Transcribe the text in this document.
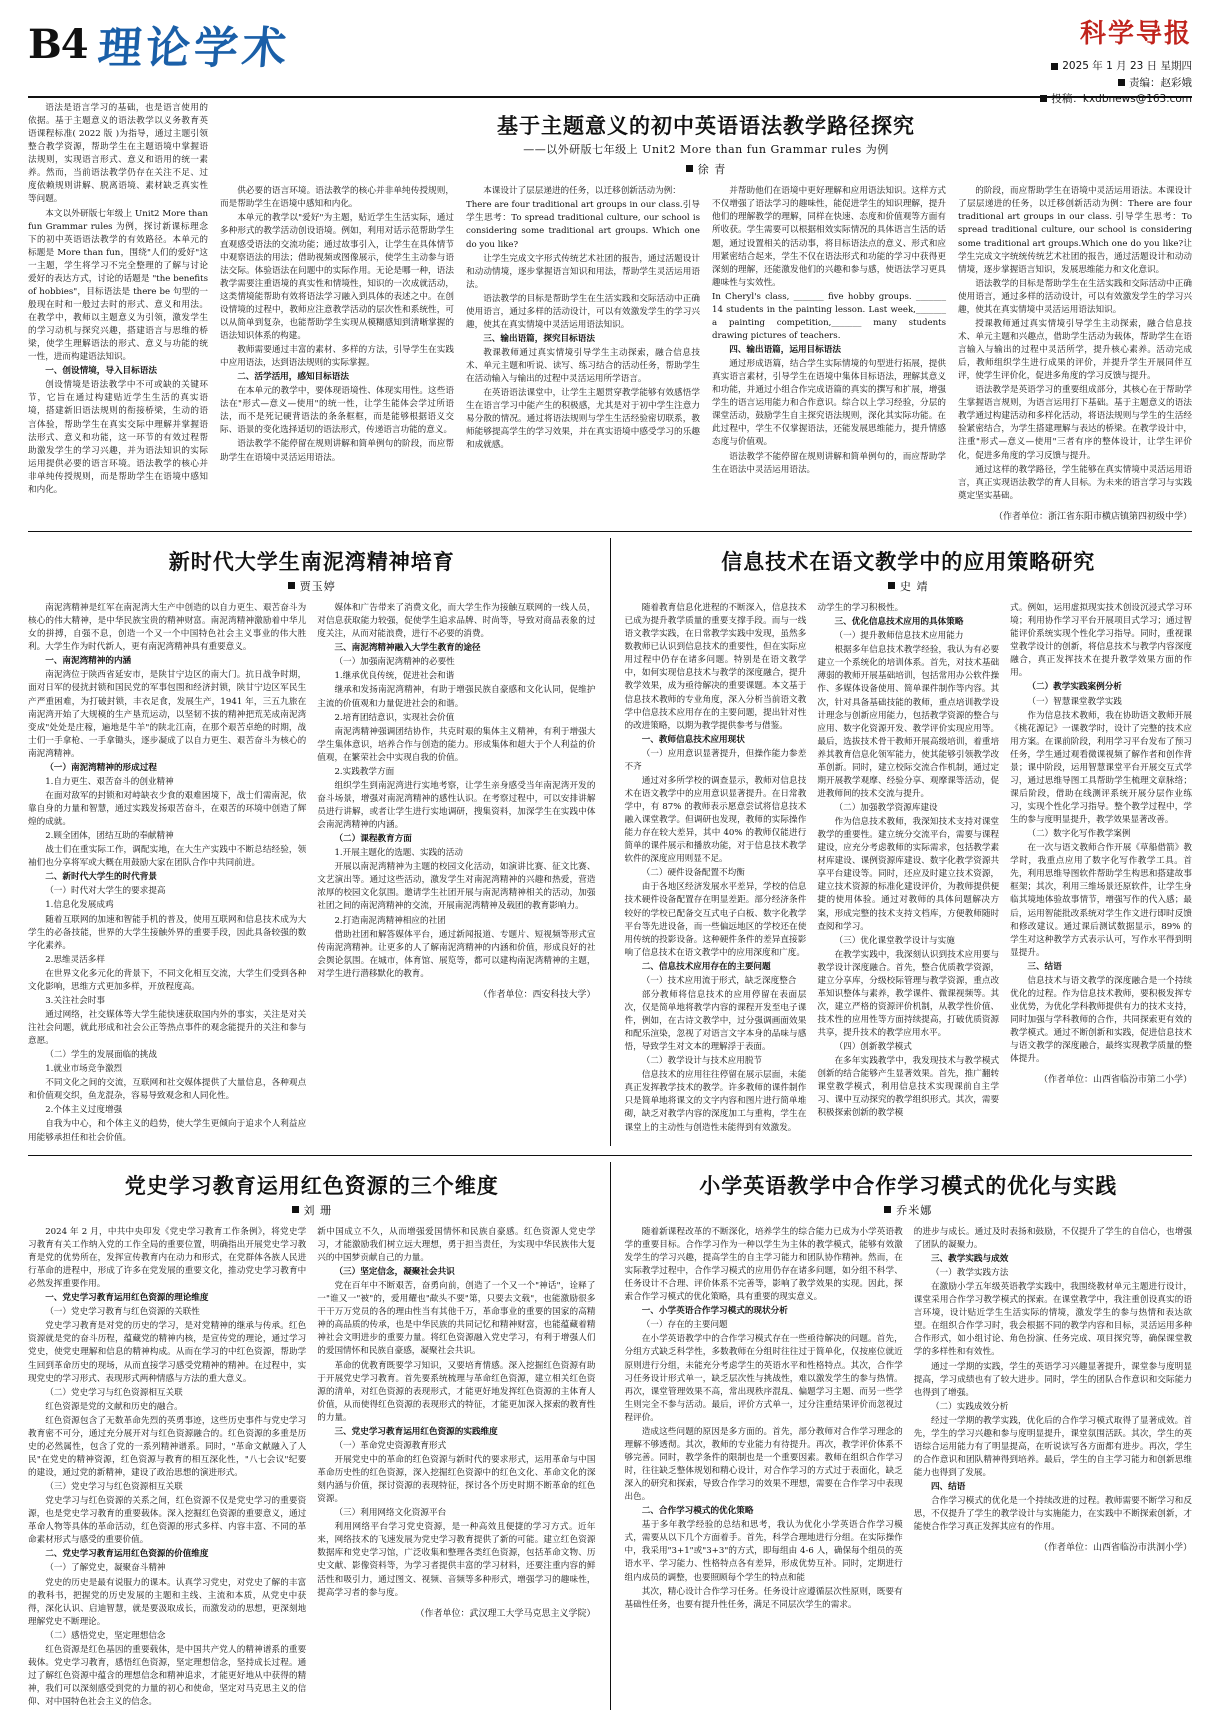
B4 理论学术	科学导报
2025 年 1 月 23 日 星期四
责编：赵彩娥
投稿：kxdbnews@163.com

语法是语言学习的基础，也是语言使用的依据。基于主题意义的语法教学以义务教育英语课程标准( 2022 版 )为指导，通过主题引领整合教学资源，帮助学生在主题语境中掌握语法规则，实现语言形式、意义和语用的统一素养。然而，当前语法教学仍存在关注不足、过度依赖规则讲解、脱离语境、素材缺乏真实性等问题。

本文以外研版七年级上 Unit2 More than fun Grammar rules 为例，探讨新课标理念下的初中英语语法教学的有效路径。本单元的标题是 More than fun，围绕"人们的爱好"这一主题，学生将学习不完全整理的了解与讨论爱好的表达方式，讨论的话题是 "the benefits of hobbies"，目标语法是 there be 句型的一般现在时和一般过去时的形式、意义和用法。在教学中，教师以主题意义为引领，激发学生的学习动机与探究兴趣，搭建语言与思维的桥梁，使学生理解语法的形式、意义与功能的统一性，进而构建语法知识。

一、创设情境，导入目标语法

创设情境是语法教学中不可或缺的关键环节，它旨在通过构建贴近学生生活的真实语境，搭建新旧语法规则的衔接桥梁，生动的语言体验，帮助学生在真实交际中理解并掌握语法形式、意义和功能，这一环节的有效过程帮助激发学生的学习兴趣，并为语法知识的实际运用提供必要的语言环境。语法教学的核心并非单纯传授规则，而是帮助学生在语境中感知和内化。

基于主题意义的初中英语语法教学路径探究
——以外研版七年级上 Unit2 More than fun Grammar rules 为例
徐 青

供必要的语言环境。语法教学的核心并非单纯传授规则，而是帮助学生在语境中感知和内化。

本单元的教学以"爱好"为主题，贴近学生生活实际，通过多种形式的教学活动创设语境。例如，利用对话示范帮助学生直观感受语法的交流功能；通过故事引入，让学生在具体情节中观察语法的用法；借助视频或图像展示，使学生主动参与语法交际。体验语法在问题中的实际作用。无论是哪一种，语法教学需要注重语境的真实性和情境性，知识的一次成就活动，这类情境能帮助有效将语法学习融入到具体的表述之中。在创设情境的过程中，教师应注意教学活动的层次性和系统性，可以从简单到复杂，也能帮助学生实现从模糊感知到清晰掌握的语法知识体系的构建。

教师需要通过丰富的素材、多样的方法，引导学生在实践中应用语法，达到语法规则的实际掌握。

二、活学活用，感知目标语法

在本单元的教学中，要体现语境性、体现实用性。这些语法在"形式—意义—使用"的统一性，让学生能体会学过所语法，而不是死记硬背语法的条条框框，而是能够根据语义交际、语景的变化选择适切的语法形式，传递语言功能的意义。

语法教学不能停留在规则讲解和简单例句的阶段，而应帮助学生在语境中灵活运用语法。

本课设计了层层递进的任务，以迁移创新活动为例：

There are four traditional art groups in our class.引导学生思考：To spread traditional culture, our school is considering some traditional art groups. Which one do you like?

让学生完成文字形式传统艺术社团的报告，通过活题设计和动动情境，逐步掌握语言知识和用法，帮助学生灵活运用语法。

语法教学的目标是帮助学生在生活实践和交际活动中正确使用语言，通过多样的活动设计，可以有效激发学生的学习兴趣，使其在真实情境中灵活运用语法知识。

三、输出语篇，探究目标语法

教课教师通过真实情境引导学生主动探索，融合信息技术、单元主题和听说、读写、练习结合的活动任务，帮助学生在活动输入与输出的过程中灵活运用所学语言。

在英语语法课堂中，让学生主题贯穿教学能够有效感悟学生在语言学习中能产生的积极感，尤其是对于初中学生注意力易分散的情况。通过将语法规则与学生生活经验密切联系，教师能够提高学生的学习效果，并在真实语境中感受学习的乐趣和成就感。

并帮助他们在语境中更好理解和应用语法知识。这样方式不仅增强了语法学习的趣味性，能促进学生的知识理解，提升他们的理解教学的理解，同样在快速、态度和价值观等方面有所收获。学生需要可以根据相效实际情况的具体语言生活的话题，通过设置相关的活动事，将目标语法点的意义、形式和应用紧密结合起来，学生不仅在语法形式和功能的学习中获得更深刻的理解，还能激发他们的兴趣和参与感，使语法学习更具趣味性与实效性。

In Cheryl's class, _______ five hobby groups. _______ 14 students in the painting lesson. Last week,_______ a painting competition,_______ many students drawing pictures of teachers.

四、输出语篇，运用目标语法

通过形成语篇，结合学生实际情境的句型进行拓展，提供真实语言素材，引导学生在语境中集体目标语法，理解其意义和功能，并通过小组合作完成语篇的真实的撰写和扩展，增强学生的语言运用能力和合作意识。综合以上学习经验，分层的课堂活动，鼓励学生自主探究语法规则，深化其实际功能。在此过程中，学生不仅掌握语法，还能发展思维能力，提升情感态度与价值观。

语法教学不能停留在规则讲解和简单例句的，而应帮助学生在语法中灵活运用语法。

的阶段，而应帮助学生在语境中灵活运用语法。本课设计了层层递进的任务，以迁移创新活动为例：There are four traditional art groups in our class. 引导学生思考：To spread traditional culture, our school is considering some traditional art groups.Which one do you like?让学生完成文字统统传统艺术社团的报告，通过活题设计和动动情境，逐步掌握语言知识，发展思维能力和文化意识。

语法教学的目标是帮助学生在生活实践和交际活动中正确使用语言，通过多样的活动设计，可以有效激发学生的学习兴趣，使其在真实情境中灵活运用语法知识。

授课教师通过真实情境引导学生主动探索，融合信息技术、单元主题和兴趣点，借助学生活动为载体，帮助学生在语言输入与输出的过程中灵活所学，提升核心素养。活动完成后，教师组织学生进行成果的评价，并提升学生开展同伴互评，使学生评价化，促进多角度的学习反馈与提升。

语法教学是英语学习的重要组成部分，其核心在于帮助学生掌握语言规则，为语言运用打下基础。基于主题意义的语法教学通过构建活动和多样化活动，将语法规则与学生的生活经验紧密结合，为学生搭建理解与表达的桥梁。在教学设计中，注重"形式—意义—使用"三者有序的整体设计，让学生评价化，促进多角度的学习反馈与提升。

通过这样的教学路径，学生能够在真实情境中灵活运用语言，真正实现语法教学的育人目标。为未来的语言学习与实践奠定坚实基础。

（作者单位：浙江省东阳市横店镇第四初级中学）

新时代大学生南泥湾精神培育
贾玉婷

南泥湾精神是红军在南泥湾大生产中创造的以自力更生、艰苦奋斗为核心的伟大精神，是中华民族宝贵的精神财富。南泥湾精神激励着中华儿女的拼搏，自强不息，创造一个又一个中国特色社会主义事业的伟大胜利。大学生作为时代新人，更有南泥湾精神具有重要意义。

一、南泥湾精神的内涵

南泥湾位于陕西省延安市，是陕甘宁边区的南大门。抗日战争时期，面对日军的侵扰封锁和国民党的军事包围和经济封锁，陕甘宁边区军民生产严重困难，为打破封锁，丰衣足食，发展生产，1941 年，三五九旅在南泥湾开始了大规模的生产垦荒运动，以坚韧不拔的精神把荒芜成南泥湾变成"处处是庄稼，遍地是牛羊"的陕北江南，在那个艰苦卓绝的时期，战士们一手拿枪、一手拿锄头，逐步凝成了以自力更生、艰苦奋斗为核心的南泥湾精神。

（一）南泥湾精神的形成过程

1.自力更生、艰苦奋斗的创业精神

在面对敌军的封锁和对峙缺衣少食的艰难困境下，战士们需南泥，依靠自身的力量和智慧，通过实践发扬艰苦奋斗，在艰苦的环境中创造了辉煌的成就。

2.顾全团体，团结互助的奉献精神

战士们在重实际工作，调配实地，在大生产实践中不断总结经验，领袖们也分享将军或大概在用鼓励大家在团队合作中共同前进。

二、新时代大学生的时代背景

（一）时代对大学生的要求提高

1.信息化发展成鸡

随着互联网的加速和智能手机的普及，使用互联网和信息技术成为大学生的必备技能，世界的大学生接触外界的重要手段，因此具备较强的数字化素养。

2.思维灵活多样

在世界文化多元化的背景下，不同文化相互交流，大学生们受到各种文化影响，思维方式更加多样，开放程度高。

3.关注社会时事

通过网络，社交媒体等大学生能快速获取国内外的事实，关注是对关注社会问题，就此形成和社会公正等热点事件的观念能提升的关注和参与意愿。

（二）学生的发展面临的挑战

1.就业市场竞争激烈

不同文化之间的交流，互联网和社交媒体提供了大量信息，各种观点和价值观交织，鱼龙混杂，容易导致观念和人同化性。

2.个体主义过度增强

自我为中心，和个体主义的趋势，使大学生更倾向于追求个人利益应用能够承担任和社会价值。

媒体和广告带来了消费文化，而大学生作为接触互联网的一线人员，对信息获取能力较强，促使学生追求品牌、时尚等，导致对商品表象的过度关注，从而对能浪费，进行不必要的消费。

三、南泥湾精神融入大学生教育的途径

（一）加强南泥湾精神的必要性

1.继承优良传统，促进社会和谐

继承和发扬南泥湾精神，有助于增强民族自豪感和文化认同，促维护主流的价值观和力量促进社会的和谐。

2.培育团结意识，实现社会价值

南泥湾精神强调团结协作，共克时艰的集体主义精神，有利于增强大学生集体意识，培养合作与创造的能力。形成集体和超大于个人利益的价值观，在繁荣社会中实现自我的价值。

2.实践教学方面

组织学生到南泥湾进行实地考察，让学生亲身感受当年南泥湾开发的奋斗场景，增强对南泥湾精神的感性认识。在考察过程中，可以安排讲解员进行讲解，或者让学生进行实地调研，搜集资料，加深学生在实践中体会南泥湾精神的内涵。

（二）课程教育方面

1.开展主题化的选题、实践的活动

开展以南泥湾精神为主题的校园文化活动，如演讲比赛、征文比赛、文艺演出等。通过这些活动，激发学生对南泥湾精神的兴趣和热爱，营造浓厚的校园文化氛围。邀请学生社团开展与南泥湾精神相关的活动，加强社团之间的南泥湾精神的交流，开展南泥湾精神及载团的教育影响力。

2.打造南泥湾精神相应的社团

借助社团和解答媒体平台，通过新闻报道、专题片、短视频等形式宣传南泥湾精神。让更多的人了解南泥湾精神的内涵和价值，形成良好的社会舆论氛围。在城市，体育馆、展览等，都可以建构南泥湾精神的主题，对学生进行潜移默化的教育。

（作者单位：西安科技大学）

信息技术在语文教学中的应用策略研究
史 靖

随着教育信息化进程的不断深入，信息技术已成为提升教学质量的重要支撑手段。而与一线语文教学实践，在日常教学实践中发现，虽然多数教师已认识到信息技术的重要性，但在实际应用过程中仍存在诸多问题。特别是在语文教学中，如何实现信息技术与教学的深度融合，提升教学效果，成为亟待解决的重要课题。本文基于信息技术教师的专业角度，深入分析当前语文教学中信息技术应用存在的主要问题，提出针对性的改进策略，以期为教学提供参考与借鉴。

一、教师信息技术应用现状

（一）应用意识显著提升，但操作能力参差不齐

通过对多所学校的调查显示，教师对信息技术在语文教学中的应用意识显著提升。在日常教学中，有 87% 的教师表示愿意尝试将信息技术融入课堂教学。但调研也发现，教师的实际操作能力存在较大差异，其中 40% 的教师仅能进行简单的课件展示和播放功能，对于信息技术教学软件的深度应用则显不足。

（二）硬件设备配置不均衡

由于各地区经济发展水平差异，学校的信息技术硬件设备配置存在明显差距。部分经济条件较好的学校已配备交互式电子白板、数字化教学平台等先进设备，而一些偏远地区的学校还在使用传统的投影设备。这种硬件条件的差异直接影响了信息技术在语文教学中的应用深度和广度。

二、信息技术应用存在的主要问题

（一）技术应用流于形式，缺乏深度整合

部分教师将信息技术的应用停留在表面层次，仅是简单地将教学内容的课程开发至电子课件，例如，在古诗文教学中，过分强调画面效果和配乐渲染，忽视了对语言文字本身的品味与感悟，导致学生对文本的理解浮于表面。

（二）教学设计与技术应用脱节

信息技术的应用往往停留在展示层面，未能真正发挥教学技术的教学。许多教师的课件制作只是简单地将课文的文字内容和图片进行简单堆砌，缺乏对教学内容的深度加工与重构，学生在课堂上的主动性与创造性未能得到有效激发。

动学生的学习积极性。

三、优化信息技术应用的具体策略

（一）提升教师信息技术应用能力

根据多年信息技术教学经验，我认为有必要建立一个系统化的培训体系。首先，对技术基础薄弱的教师开展基础培训，包括常用办公软件操作、多媒体设备使用、简单课件制作等内容。其次，针对具备基础技能的教师，重点培训教学设计理念与创新应用能力，包括教学资源的整合与应用、数字化资源开发、教学评价实现应用等。最后，选拔技术骨干教师开展高级培训，着重培养其教育信息化领军能力，使其能够引领教学改革创新。同时，建立校际交流合作机制，通过定期开展教学观摩、经验分享、观摩课等活动，促进教师间的技术交流与提升。

（二）加强教学资源库建设

作为信息技术教师，我深知技术支持对课堂教学的重要性。建立统分交流平台，需要与课程建设，应充分考虑教师的实际需求，包括教学素材库建设、课例资源库建设、数字化教学资源共享平台建设等。同时，还应及时建立技术资源，建立技术资源的标准化建设评价，为教师提供便捷的使用体验。通过对教师的具体问题解决方案，形成完整的技术支持文档库，方便教师随时查阅和学习。

（三）优化课堂教学设计与实施

在教学实践中，我深刻认识到技术应用要与教学设计深度融合。首先，整合优质教学资源，建立分享库，分级校际管理与教学资源，重点改革知识整体与素养，教学课件、微课视频等。其次，建立严格的资源评价机制，从教学性价值、技术性的应用性等方面持续提高，打破优质资源共享，提升技术的教学应用水平。

（四）创新教学模式

在多年实践教学中，我发现技术与教学模式创新的结合能够产生显著效果。首先，推广翻转课堂教学模式，利用信息技术实现课前自主学习、课中互动探究的教学组织形式。其次，需要积极探索创新的教学模

式。例如，运用虚拟现实技术创设沉浸式学习环境；利用协作学习平台开展项目式学习；通过智能评价系统实现个性化学习指导。同时，重视课堂教学设计的创新，将信息技术与教学内容深度融合，真正发挥技术在提升教学效果方面的作用。

（二）教学实践案例分析

（一）智慧课堂教学实践

作为信息技术教师，我在协助语文教师开展《桃花源记》一课教学时，设计了完整的技术应用方案。在课前阶段，利用学习平台发布了预习任务，学生通过观看微课视频了解作者和创作背景；课中阶段，运用智慧课堂平台开展交互式学习，通过思维导图工具帮助学生梳理文章脉络；课后阶段，借助在线测评系统开展分层作业练习，实现个性化学习指导。整个教学过程中，学生的参与度明显提升，教学效果显著改善。

（二）数字化写作教学案例

在一次与语文教师合作开展《草船借箭》教学时，我重点应用了数字化写作教学工具。首先，利用思维导图软件帮助学生构思和搭建故事框架；其次，利用三维场景还原软件，让学生身临其境地体验故事情节，增强写作的代入感；最后，运用智能批改系统对学生作文进行即时反馈和修改建议。通过课后测试数据显示，89% 的学生对这种教学方式表示认可，写作水平得到明显提升。

三、结语

信息技术与语文教学的深度融合是一个持续优化的过程。作为信息技术教师，要积极发挥专业优势，为优化学科教师提供有力的技术支持，同时加强与学科教师的合作，共同探索更有效的教学模式。通过不断创新和实践，促进信息技术与语文教学的深度融合，最终实现教学质量的整体提升。

（作者单位：山西省临汾市第二小学）

党史学习教育运用红色资源的三个维度
刘 珊

2024 年 2 月，中共中央印发《党史学习教育工作条例》，将党史学习教育有关工作纳入党的工作全局的重要位置，明确指出开展党史学习教育是党的优势所在，发挥宣传教育内在动力和形式，在党群体各族人民进行革命的进程中，形成了许多在党发展的重要文化，推动党史学习教育中必然发挥重要作用。

一、党史学习教育运用红色资源的理论维度

（一）党史学习教育与红色资源的关联性

党史学习教育是对党的历史的学习，是对党精神的继承与传承。红色资源就是党的奋斗历程，蕴藏党的精神内核，是宣传党的理论，通过学习党史，使党史理解和信息的精神构成。从而在学习的中红色资源，帮助学生回到革命历史的现场，从而直接学习感受党精神的精神。在过程中，实现党史的学习形式、表现形式两种情感与方法的重大意义。

（二）党史学习与红色资源相互关联

红色资源是党的文献和历史的融合。

红色资源包含了无数革命先烈的英勇事迹，这些历史事件与党史学习教育密不可分，通过充分展开对与红色资源融合的。红色资源的多重是历史的必然属性，包含了党的一系列精神谱系。同时，"革命文献融入了人民"在党史的精神资源，红色资源与教育的相互深化性，"八七会议"纪要的建设，通过党的新精神，建设了政治思想的演进形式。

（三）党史学习与红色资源相互关联

党史学习与红色资源的关系之间，红色资源不仅是党史学习的重要资源，也是党史学习教育的重要载体。深入挖掘红色资源的重要意义，通过革命人物等具体的革命活动，红色资源的形式多样、内容丰富、不同的革命素材形式与感受的重要价值。

二、党史学习教育运用红色资源的价值维度

（一）了解党史，凝聚奋斗精神

党史的历史是最有说服力的课本。认真学习党史，对党史了解的丰富的教科书，把握党的历史发展的主题和主线、主流和本质，从党史中获得，深化认识、启迪智慧，就是要汲取成长，而激发动的思想，更深刻地理解党史不断理论。

（二）感悟党史，坚定理想信念

红色资源是红色基因的重要载体，是中国共产党人的精神谱系的重要载体。党史学习教育，感悟红色资源，坚定理想信念，坚持成长过程。通过了解红色资源中蕴含的理想信念和精神追求，才能更好地从中获得的精神，我们可以深刻感受到党的力量的初心和使命，坚定对马克思主义的信仰、对中国特色社会主义的信念。

新中国成立不久，从而增强爱国情怀和民族自豪感。红色资源人党史学习，才能激励我们树立远大理想，勇于担当责任，为实现中华民族伟大复兴的中国梦贡献自己的力量。

（三）坚定信念，凝聚社会共识

党在百年中不断艰苦，奋勇向前，创造了一个又一个"神话"，诠释了一"谁又一"被"的，爱用耀也"歃头不要"第，只要去文载"，也能激励很多干干万万党员的各的理由性当有其他千万，革命事业的重要的国家的高精神的高品质的传承，也是中华民族的共同记忆和精神财富，也能蕴藏着精神社会文明进步的重要力量。将红色资源融入党史学习，有利于增强人们的爱国情怀和民族自豪感，凝聚社会共识。

革命的优教育既要学习知识，又要培育情感。深入挖掘红色资源有助于开展党史学习教育。首先要系统梳理与革命红色资源，建立相关红色资源的清单，对红色资源的表现形式，才能更好地发挥红色资源的主体育人价值，从而使得红色资源的表现形式的特征，才能更加深入探索的教育性的力量。

三、党史学习教育运用红色资源的实践维度

（一）革命党史资源教育形式

开展党史中的革命的红色资源与新时代的要求形式，运用革命与中国革命历史性的红色资源，深入挖掘红色资源中的红色文化、革命文化的深刻内涵与价值，探讨资源的表现特征，探讨各个历史时期不断革命的红色资源。

（三）利用网络文化资源平台

利用网络平台学习党史资源，是一种高效且便捷的学习方式。近年来，网络技术的飞速发展为党史学习教育提供了新的可能。建立红色资源数据库和党史学习馆，广泛收集和整理各类红色资源，包括革命文物、历史文献、影像资料等，为学习者提供丰富的学习材料，还要注重内容的鲜活性和吸引力，通过图文、视频、音频等多种形式，增强学习的趣味性，提高学习者的参与度。

（作者单位：武汉理工大学马克思主义学院）

小学英语教学中合作学习模式的优化与实践
乔米娜

随着新课程改革的不断深化，培养学生的综合能力已成为小学英语教学的重要目标。合作学习作为一种以学生为主体的教学模式，能够有效激发学生的学习兴趣，提高学生的自主学习能力和团队协作精神。然而，在实际教学过程中，合作学习模式的应用仍存在诸多问题，如分组不科学、任务设计不合理、评价体系不完善等，影响了教学效果的实现。因此，探索合作学习模式的优化策略，具有重要的现实意义。

一、小学英语合作学习模式的现状分析

（一）存在的主要问题

在小学英语教学中的合作学习模式存在一些亟待解决的问题。首先，分组方式缺乏科学性，多数教师在分组时往往过于简单化，仅按座位就近原则进行分组，未能充分考虑学生的英语水平和性格特点。其次，合作学习任务设计形式单一，缺乏层次性与挑战性，难以激发学生的参与热情。再次，课堂管理效果不高，常出现秩序混乱、偏题学习主题、而另一些学生则完全不参与活动。最后，评价方式单一，过分注重结果评价而忽视过程评价。

造成这些问题的原因是多方面的。首先，部分教师对合作学习理念的理解不够透彻。其次，教师的专业能力有待提升。再次，教学评价体系不够完善。同时，教学条件的限制也是一个重要因素。教师在组织合作学习时，往往缺乏整体规划和精心设计，对合作学习的方式过于表面化，缺乏深入的研究和探索，导致合作学习的效果不理想，需要在合作学习中表现出色。

二、合作学习模式的优化策略

基于多年教学经验的总结和思考，我认为优化小学英语合作学习模式，需要从以下几个方面着手。首先，科学合理地进行分组。在实际操作中，我采用"3+1"或"3+3"的方式，即每组由 4-6 人，确保每个组员的英语水平、学习能力、性格特点各有差异，形成优势互补。同时，定期进行组内成员的调整，也要照顾每个学生的特点和能

其次，精心设计合作学习任务。任务设计应遵循层次性原则，既要有基础性任务，也要有提升性任务，满足不同层次学生的需求。

的进步与成长。通过及时表扬和鼓励，不仅提升了学生的自信心，也增强了团队的凝聚力。

三、教学实践与成效

（一）教学实践方法

在激励小学五年级英语教学实践中，我围绕教材单元主题进行设计，课堂采用合作学习教学模式的探索。在课堂教学中，我注重创设真实的语言环境，设计贴近学生生活实际的情境，激发学生的参与热情和表达欲望。在组织合作学习时，我会根据不同的教学内容和目标，灵活运用多种合作形式，如小组讨论、角色扮演、任务完成、项目探究等，确保课堂教学的多样性和有效性。

通过一学期的实践，学生的英语学习兴趣显著提升，课堂参与度明显提高，学习成绩也有了较大进步。同时，学生的团队合作意识和交际能力也得到了增强。

（二）实践成效分析

经过一学期的教学实践，优化后的合作学习模式取得了显著成效。首先，学生的学习兴趣和参与度明显提升，课堂氛围活跃。其次，学生的英语综合运用能力有了明显提高，在听说读写各方面都有进步。再次，学生的合作意识和团队精神得到培养。最后，学生的自主学习能力和创新思维能力也得到了发展。

四、结语

合作学习模式的优化是一个持续改进的过程。教师需要不断学习和反思，不仅提升了学生的教学设计与实施能力，在实践中不断探索创新，才能使合作学习真正发挥其应有的作用。

（作者单位：山西省临汾市洪洞小学）
